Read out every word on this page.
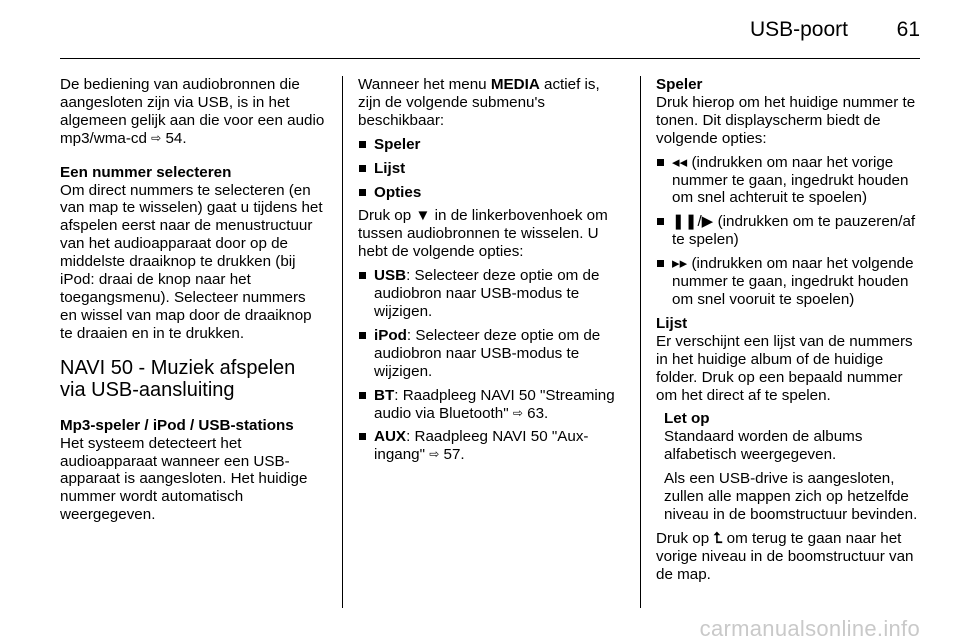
USB-poort 61

De bediening van audiobronnen die aangesloten zijn via USB, is in het algemeen gelijk aan die voor een audio mp3/wma-cd ⇨ 54.

Een nummer selecteren

Om direct nummers te selecteren (en van map te wisselen) gaat u tijdens het afspelen eerst naar de menustructuur van het audioapparaat door op de middelste draaiknop te drukken (bij iPod: draai de knop naar het toegangsmenu). Selecteer nummers en wissel van map door de draaiknop te draaien en in te drukken.

NAVI 50 - Muziek afspelen via USB-aansluiting

Mp3-speler / iPod / USB-stations

Het systeem detecteert het audioapparaat wanneer een USB-apparaat is aangesloten. Het huidige nummer wordt automatisch weergegeven.

Wanneer het menu MEDIA actief is, zijn de volgende submenu's beschikbaar:

Speler
Lijst
Opties

Druk op ▼ in de linkerbovenhoek om tussen audiobronnen te wisselen. U hebt de volgende opties:

USB: Selecteer deze optie om de audiobron naar USB-modus te wijzigen.
iPod: Selecteer deze optie om de audiobron naar USB-modus te wijzigen.
BT: Raadpleeg NAVI 50 "Streaming audio via Bluetooth" ⇨ 63.
AUX: Raadpleeg NAVI 50 "Aux-ingang" ⇨ 57.

Speler

Druk hierop om het huidige nummer te tonen. Dit displayscherm biedt de volgende opties:

◂◂ (indrukken om naar het vorige nummer te gaan, ingedrukt houden om snel achteruit te spoelen)
❚❚/▶ (indrukken om te pauzeren/af te spelen)
▸▸ (indrukken om naar het volgende nummer te gaan, ingedrukt houden om snel vooruit te spoelen)

Lijst

Er verschijnt een lijst van de nummers in het huidige album of de huidige folder. Druk op een bepaald nummer om het direct af te spelen.

Let op

Standaard worden de albums alfabetisch weergegeven.

Als een USB-drive is aangesloten, zullen alle mappen zich op hetzelfde niveau in de boomstructuur bevinden.

Druk op ⮤ om terug te gaan naar het vorige niveau in de boomstructuur van de map.

carmanualsonline.info
